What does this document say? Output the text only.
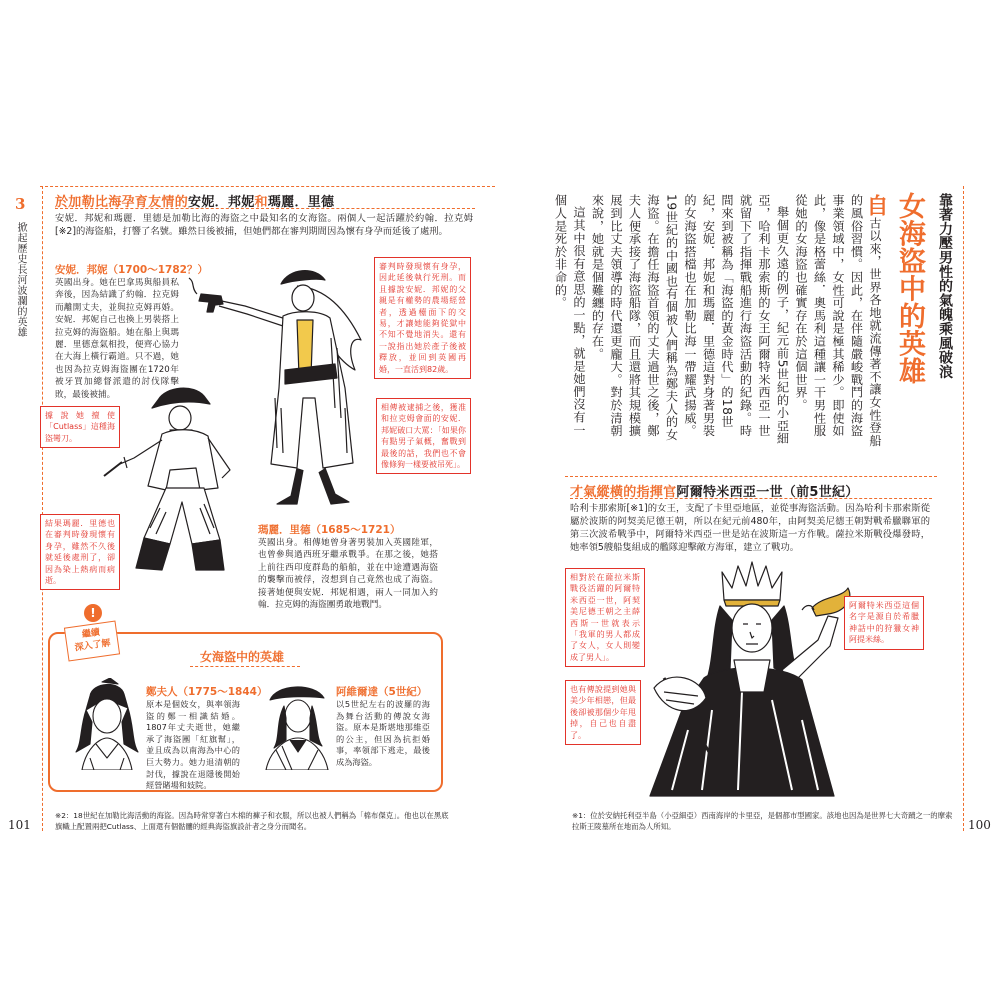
3
掀起歷史長河波瀾的英雄
於加勒比海孕育友情的安妮．邦妮和瑪麗．里德
安妮．邦妮和瑪麗．里德是加勒比海的海盜之中最知名的女海盜。兩個人一起活躍於約翰．拉克姆[※2]的海盜船，打響了名號。雖然日後被捕，但她們都在審判期間因為懷有身孕而延後了處刑。
安妮．邦妮（1700～1782？）
英國出身。她在巴拿馬與船員私奔後，因為結識了約翰．拉克姆而離開丈夫，並與拉克姆再婚。安妮．邦妮自己也換上男裝搭上拉克姆的海盜船。她在船上與瑪麗．里德意氣相投，便齊心協力在大海上橫行霸道。只不過，她也因為拉克姆海盜團在1720年被牙買加總督派遣的討伐隊擊敗，最後被捕。
審判時發現懷有身孕，因此延後執行死刑。而且據說安妮．邦妮的父親是有權勢的農場經營者，透過檯面下的交易，才讓她能夠從獄中不知不覺地消失。還有一說指出她於產子後被釋放，並回到英國再婚，一直活到82歲。
相傳被逮捕之後，獲准和拉克姆會面的安妮．邦妮破口大罵：「如果你有點男子氣概，奮戰到最後的話，我們也不會像條狗一樣要被吊死」。
據說她擅使「Cutlass」這種海盜彎刀。
結果瑪麗．里德也在審判時發現懷有身孕，雖然不久後就延後處刑了，卻因為染上熱病而病逝。
瑪麗．里德（1685～1721）
英國出身。相傳她曾身著男裝加入英國陸軍，也曾參與過西班牙繼承戰爭。在那之後，她搭上前往西印度群島的船舶，並在中途遭遇海盜的襲擊而被俘，沒想到自己竟然也成了海盜。接著她便與安妮．邦妮相遇，兩人一同加入約翰．拉克姆的海盜團勇敢地戰鬥。
!
繼續
深入了解
女海盜中的英雄
鄭夫人（1775～1844）
原本是個妓女，與率領海盜的鄭一相識結婚。1807年丈夫逝世，她繼承了海盜團「紅旗幫」，並且成為以南海為中心的巨大勢力。她力退清朝的討伐，據說在退隱後開始經營賭場和妓院。
阿維爾達（5世紀）
以5世紀左右的波羅的海為舞台活動的傳說女海盜。原本是斯堪地那維亞的公主，但因為抗拒婚事，率領部下逃走，最後成為海盜。
※2：18世紀在加勒比海活動的海盜。因為時常穿著白木棉的褲子和衣服，所以也被人們稱為「棉布傑克」。他也以在黑底旗幟上配置兩把Cutlass、上面還有個骷髏的經典海盜旗設計者之身分而聞名。
101
靠著力壓男性的氣魄乘風破浪
女海盜中的英雄

自古以來，世界各地就流傳著不讓女性登船的風俗習慣。因此，在伴隨嚴峻戰鬥的海盜事業領域中，女性可說是極其稀少。即使如此，像是格蕾絲．奧馬利這種讓一干男性服從她的女海盜也確實存在於這個世界。

舉個更久遠的例子，紀元前5世紀的小亞細亞，哈利卡那索斯的女王阿爾特米西亞一世就留下了指揮戰船進行海盜活動的紀錄。時間來到被稱為「海盜的黃金時代」的18世紀，安妮．邦妮和瑪麗．里德這對身著男裝的女海盜搭檔也在加勒比海一帶耀武揚威。19世紀的中國也有個被人們稱為鄭夫人的女海盜。在擔任海盜首領的丈夫過世之後，鄭夫人便承接了海盜船隊，而且還將其規模擴展到比丈夫領導的時代還更龐大。對於清朝來說，她就是個難纏的存在。

這其中很有意思的一點，就是她們沒有一個人是死於非命的。

才氣縱橫的指揮官阿爾特米西亞一世（前5世紀）
哈利卡那索斯[※1]的女王，支配了卡里亞地區，並從事海盜活動。因為哈利卡那索斯從屬於波斯的阿契美尼德王朝，所以在紀元前480年，由阿契美尼德王朝對戰希臘聯軍的第三次波希戰爭中，阿爾特米西亞一世是站在波斯這一方作戰。薩拉米斯戰役爆發時，她率領5艘船隻組成的艦隊迎擊敵方海軍，建立了戰功。
相對於在薩拉米斯戰役活躍的阿爾特米西亞一世，阿契美尼德王朝之主薛西斯一世就表示「我軍的男人都成了女人，女人則變成了男人」。
也有傳說提到她與美少年相戀，但最後卻被那個少年甩掉，自己也自盡了。
阿爾特米西亞這個名字是源自於希臘神話中的狩獵女神阿提米絲。
※1：位於安納托利亞半島（小亞細亞）西南海岸的卡里亞，是個都市型國家。該地也因為是世界七大奇蹟之一的摩索拉斯王陵墓所在地而為人所知。	100
